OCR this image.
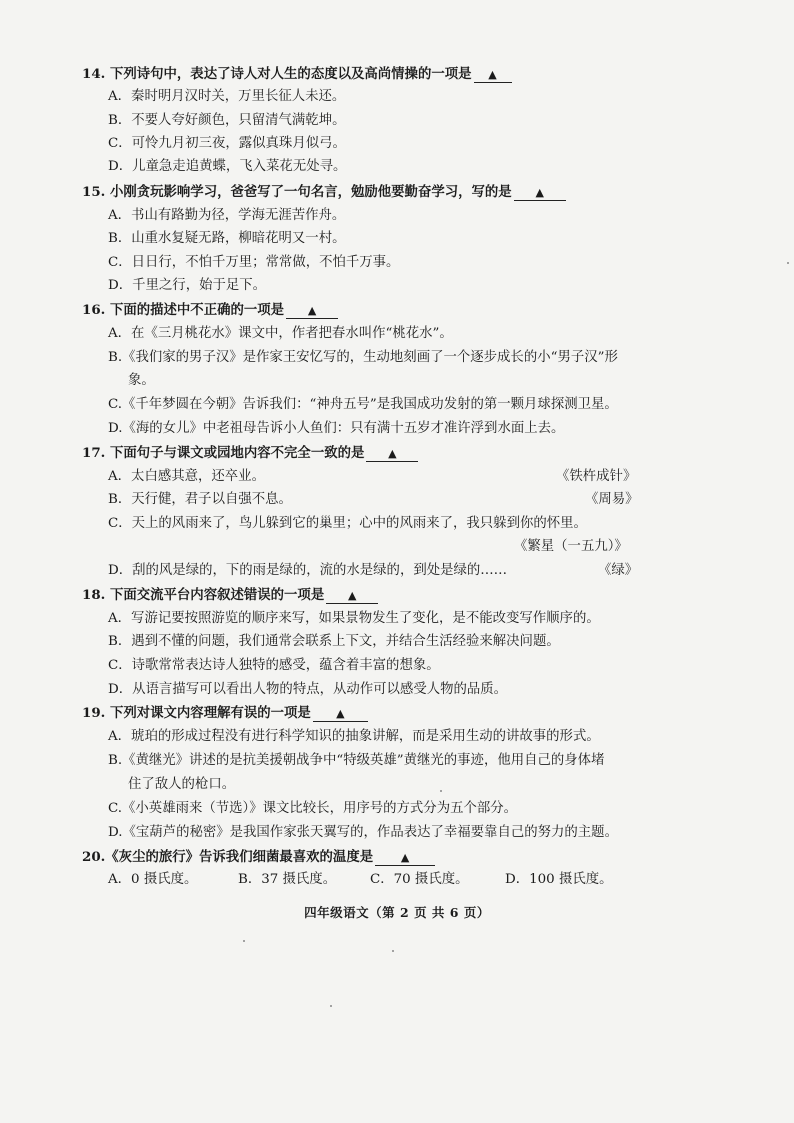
14. 下列诗句中，表达了诗人对人生的态度以及高尚情操的一项是 ▲
A．秦时明月汉时关，万里长征人未还。
B．不要人夸好颜色，只留清气满乾坤。
C．可怜九月初三夜，露似真珠月似弓。
D．儿童急走追黄蝶，飞入菜花无处寻。
15. 小刚贪玩影响学习，爸爸写了一句名言，勉励他要勤奋学习，写的是 ▲
A．书山有路勤为径，学海无涯苦作舟。
B．山重水复疑无路，柳暗花明又一村。
C．日日行，不怕千万里；常常做，不怕千万事。
D．千里之行，始于足下。
16. 下面的描述中不正确的一项是 ▲
A．在《三月桃花水》课文中，作者把春水叫作“桃花水”。
B.《我们家的男子汉》是作家王安忆写的，生动地刻画了一个逐步成长的小“男子汉”形
象。
C.《千年梦圆在今朝》告诉我们：“神舟五号”是我国成功发射的第一颗月球探测卫星。
D.《海的女儿》中老祖母告诉小人鱼们：只有满十五岁才准许浮到水面上去。
17. 下面句子与课文或园地内容不完全一致的是 ▲
A．太白感其意，还卒业。	《铁杵成针》
B．天行健，君子以自强不息。	《周易》
C．天上的风雨来了，鸟儿躲到它的巢里；心中的风雨来了，我只躲到你的怀里。
《繁星（一五九）》
D．刮的风是绿的，下的雨是绿的，流的水是绿的，到处是绿的……	《绿》
18. 下面交流平台内容叙述错误的一项是 ▲
A．写游记要按照游览的顺序来写，如果景物发生了变化，是不能改变写作顺序的。
B．遇到不懂的问题，我们通常会联系上下文，并结合生活经验来解决问题。
C．诗歌常常表达诗人独特的感受，蕴含着丰富的想象。
D．从语言描写可以看出人物的特点，从动作可以感受人物的品质。
19. 下列对课文内容理解有误的一项是 ▲
A．琥珀的形成过程没有进行科学知识的抽象讲解，而是采用生动的讲故事的形式。
B.《黄继光》讲述的是抗美援朝战争中“特级英雄”黄继光的事迹，他用自己的身体堵
住了敌人的枪口。
C.《小英雄雨来（节选）》课文比较长，用序号的方式分为五个部分。
D.《宝葫芦的秘密》是我国作家张天翼写的，作品表达了幸福要靠自己的努力的主题。
20.《灰尘的旅行》告诉我们细菌最喜欢的温度是	▲
A．0 摄氏度。	B．37 摄氏度。	C．70 摄氏度。	D．100 摄氏度。
四年级语文（第 2 页 共 6 页）
